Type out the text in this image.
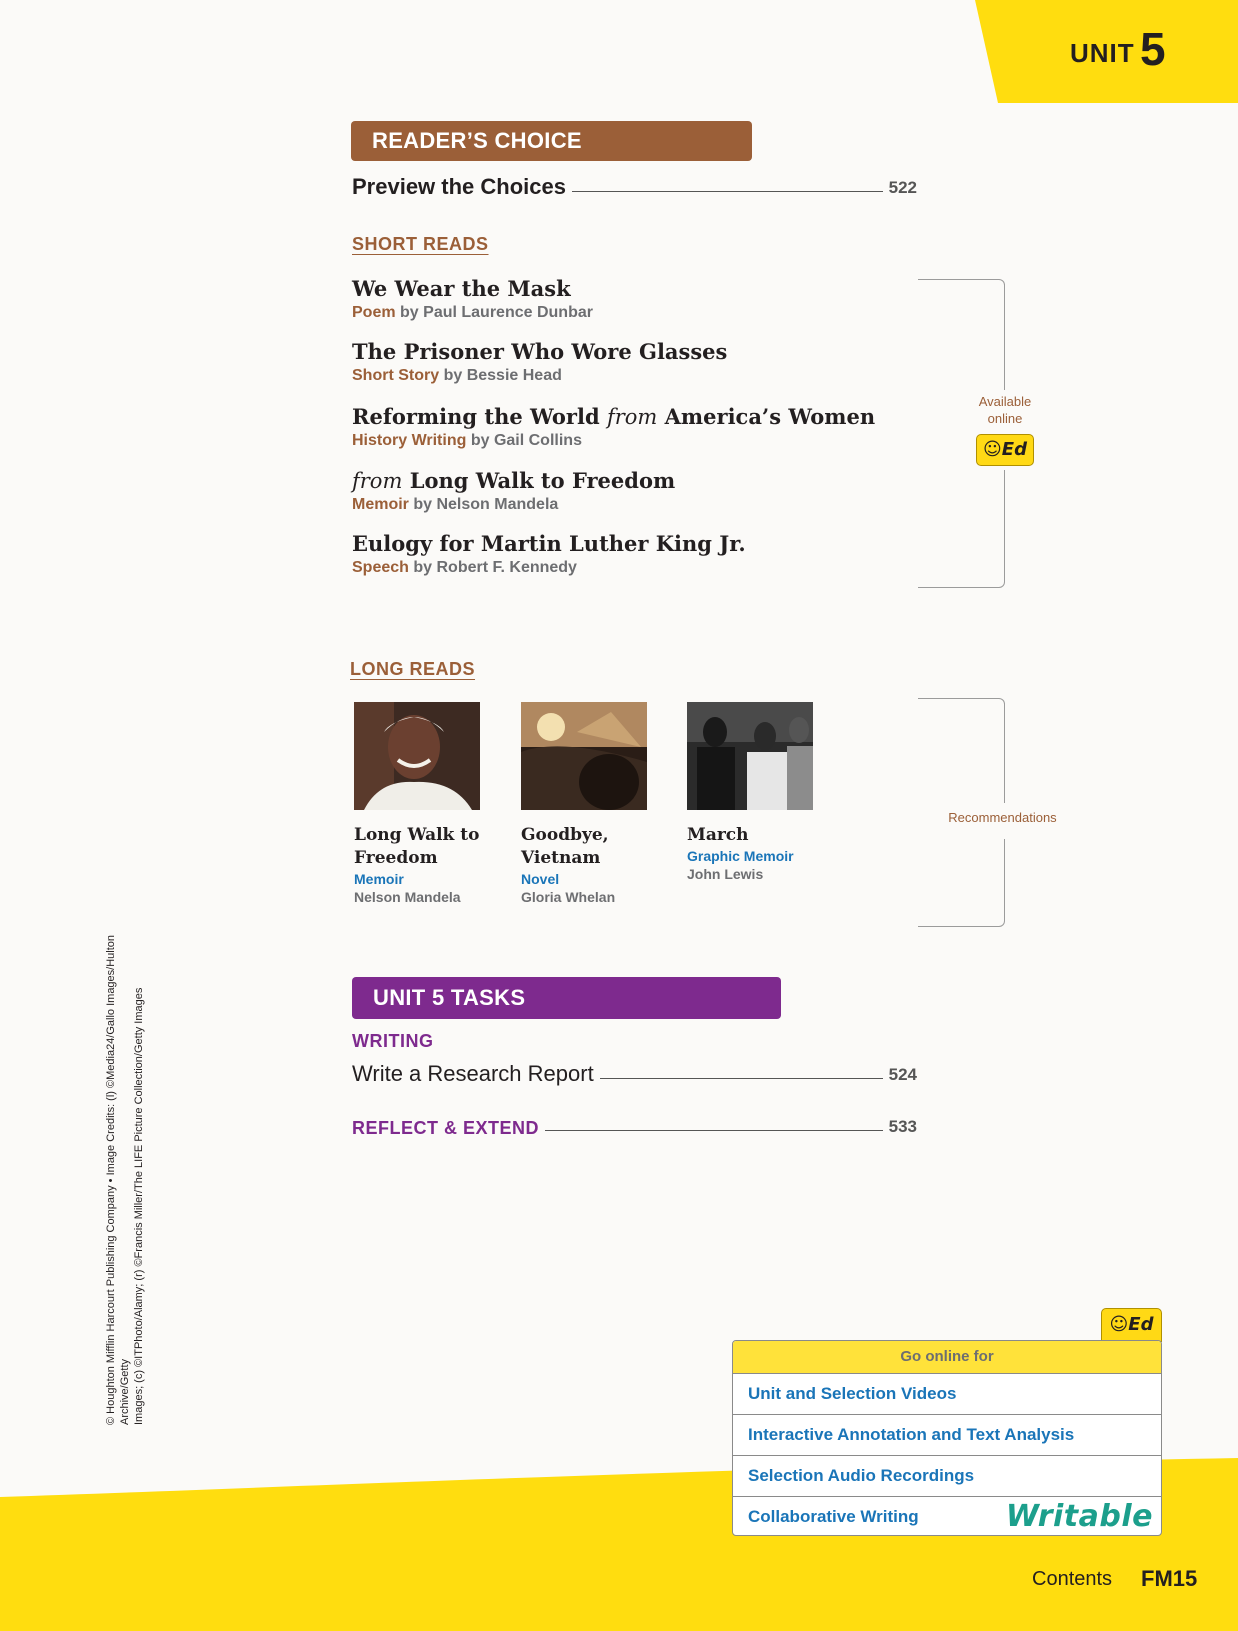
UNIT 5
READER’S CHOICE
Preview the Choices	522
SHORT READS
We Wear the Mask
Poem by Paul Laurence Dunbar
The Prisoner Who Wore Glasses
Short Story by Bessie Head
Reforming the World from America’s Women
History Writing by Gail Collins
from Long Walk to Freedom
Memoir by Nelson Mandela
Eulogy for Martin Luther King Jr.
Speech by Robert F. Kennedy
Available online
☺Ed
LONG READS
Long Walk to Freedom
Memoir
Nelson Mandela
Goodbye, Vietnam
Novel
Gloria Whelan
March
Graphic Memoir
John Lewis
Recommendations
UNIT 5 TASKS
WRITING
Write a Research Report	524
REFLECT & EXTEND	533
© Houghton Mifflin Harcourt Publishing Company • Image Credits: (l) ©Media24/Gallo Images/Hulton Archive/Getty Images; (c) ©ITPhoto/Alamy; (r) ©Francis Miller/The LIFE Picture Collection/Getty Images	☺Ed
Go online for
Unit and Selection Videos
Interactive Annotation and Text Analysis
Selection Audio Recordings
Collaborative Writing	Writable
Contents FM15
